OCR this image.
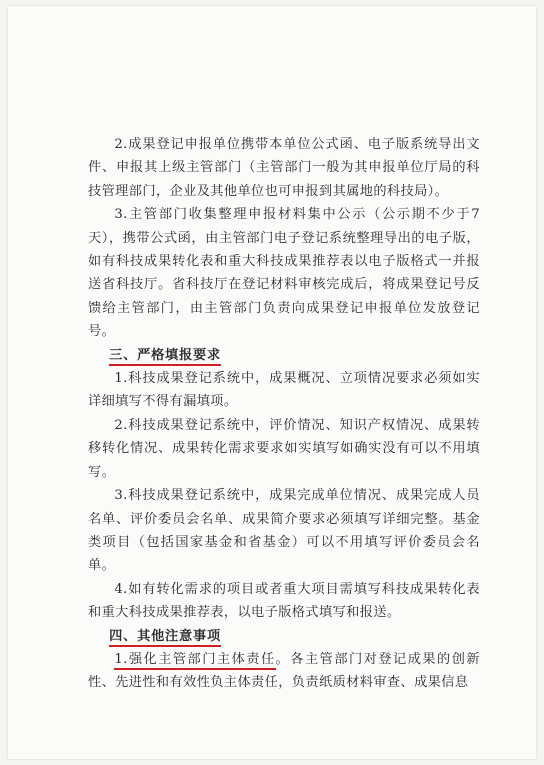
2.成果登记申报单位携带本单位公式函、电子版系统导出文件、申报其上级主管部门（主管部门一般为其申报单位厅局的科技管理部门，企业及其他单位也可申报到其属地的科技局）。

3.主管部门收集整理申报材料集中公示（公示期不少于7天），携带公式函，由主管部门电子登记系统整理导出的电子版，如有科技成果转化表和重大科技成果推荐表以电子版格式一并报送省科技厅。省科技厅在登记材料审核完成后，将成果登记号反馈给主管部门，由主管部门负责向成果登记申报单位发放登记号。

三、严格填报要求

1.科技成果登记系统中，成果概况、立项情况要求必须如实详细填写不得有漏填项。

2.科技成果登记系统中，评价情况、知识产权情况、成果转移转化情况、成果转化需求要求如实填写如确实没有可以不用填写。

3.科技成果登记系统中，成果完成单位情况、成果完成人员名单、评价委员会名单、成果简介要求必须填写详细完整。基金类项目（包括国家基金和省基金）可以不用填写评价委员会名单。

4.如有转化需求的项目或者重大项目需填写科技成果转化表和重大科技成果推荐表，以电子版格式填写和报送。

四、其他注意事项

1.强化主管部门主体责任。各主管部门对登记成果的创新性、先进性和有效性负主体责任，负责纸质材料审查、成果信息
